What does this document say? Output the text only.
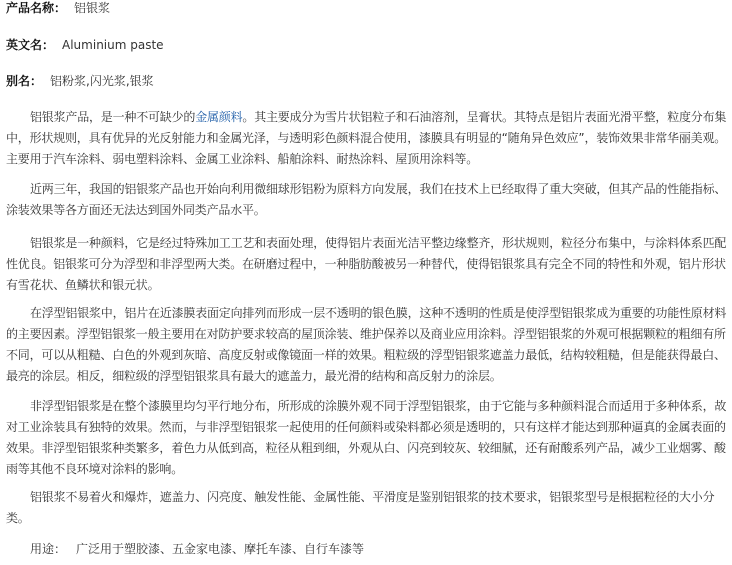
产品名称： 铝银浆
英文名： Aluminium paste
别名： 铝粉浆,闪光浆,银浆

铝银浆产品，是一种不可缺少的金属颜料。其主要成分为雪片状铝粒子和石油溶剂，呈膏状。其特点是铝片表面光滑平整，粒度分布集中，形状规则，具有优异的光反射能力和金属光泽，与透明彩色颜料混合使用，漆膜具有明显的“随角异色效应”，装饰效果非常华丽美观。主要用于汽车涂料、弱电塑料涂料、金属工业涂料、船舶涂料、耐热涂料、屋顶用涂料等。

近两三年，我国的铝银浆产品也开始向利用微细球形铝粉为原料方向发展，我们在技术上已经取得了重大突破，但其产品的性能指标、涂装效果等各方面还无法达到国外同类产品水平。

铝银浆是一种颜料，它是经过特殊加工工艺和表面处理，使得铝片表面光洁平整边缘整齐，形状规则，粒径分布集中，与涂料体系匹配性优良。铝银浆可分为浮型和非浮型两大类。在研磨过程中，一种脂肪酸被另一种替代，使得铝银浆具有完全不同的特性和外观，铝片形状有雪花状、鱼鳞状和银元状。

在浮型铝银浆中，铝片在近漆膜表面定向排列而形成一层不透明的银色膜，这种不透明的性质是使浮型铝银浆成为重要的功能性原材料的主要因素。浮型铝银浆一般主要用在对防护要求较高的屋顶涂装、维护保养以及商业应用涂料。浮型铝银浆的外观可根据颗粒的粗细有所不同，可以从粗糙、白色的外观到灰暗、高度反射或像镜面一样的效果。粗粒级的浮型铝银浆遮盖力最低，结构较粗糙，但是能获得最白、最亮的涂层。相反，细粒级的浮型铝银浆具有最大的遮盖力，最光滑的结构和高反射力的涂层。

非浮型铝银浆是在整个漆膜里均匀平行地分布，所形成的涂膜外观不同于浮型铝银浆，由于它能与多种颜料混合而适用于多种体系，故对工业涂装具有独特的效果。然而，与非浮型铝银浆一起使用的任何颜料或染料都必须是透明的，只有这样才能达到那种逼真的金属表面的效果。非浮型铝银浆种类繁多，着色力从低到高，粒径从粗到细，外观从白、闪亮到较灰、较细腻，还有耐酸系列产品，减少工业烟雾、酸雨等其他不良环境对涂料的影响。

铝银浆不易着火和爆炸，遮盖力、闪亮度、触发性能、金属性能、平滑度是鉴别铝银浆的技术要求，铝银浆型号是根据粒径的大小分类。

用途： 广泛用于塑胶漆、五金家电漆、摩托车漆、自行车漆等
